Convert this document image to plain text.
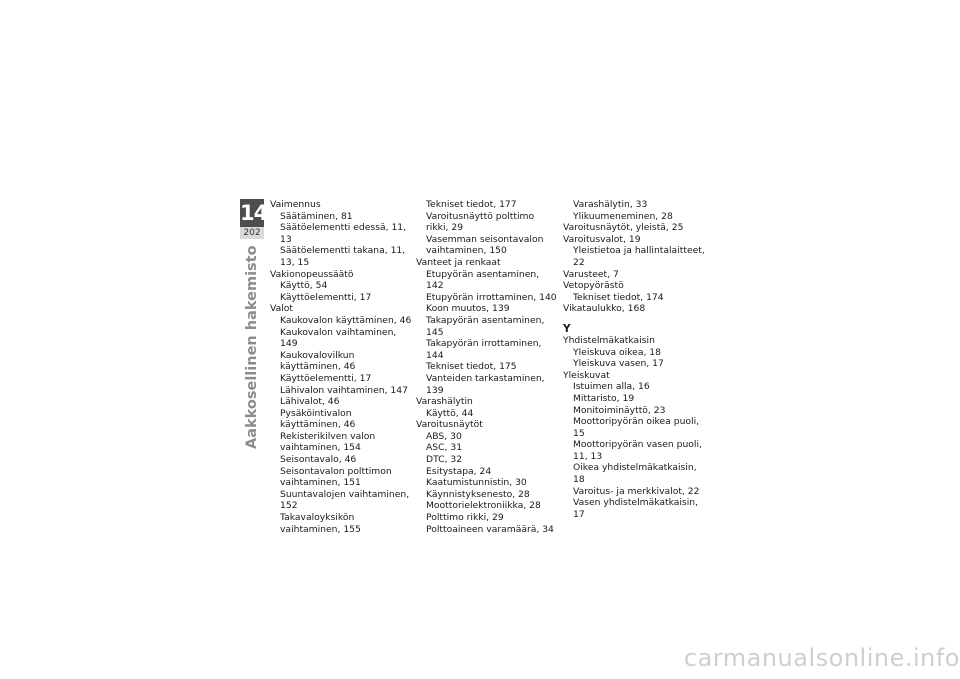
14
202
Aakkosellinen hakemisto
Vaimennus
Säätäminen, 81
Säätöelementti edessä, 11, 13
Säätöelementti takana, 11, 13, 15
Vakionopeussäätö
Käyttö, 54
Käyttöelementti, 17
Valot
Kaukovalon käyttäminen, 46
Kaukovalon vaihtaminen, 149
Kaukovalovilkun käyttäminen, 46
Käyttöelementti, 17
Lähivalon vaihtaminen, 147
Lähivalot, 46
Pysäköintivalon käyttäminen, 46
Rekisterikilven valon vaihtaminen, 154
Seisontavalo, 46
Seisontavalon polttimon vaihtaminen, 151
Suuntavalojen vaihtaminen, 152
Takavaloyksikön vaihtaminen, 155
Tekniset tiedot, 177
Varoitusnäyttö polttimo rikki, 29
Vasemman seisontavalon vaihtaminen, 150
Vanteet ja renkaat
Etupyörän asentaminen, 142
Etupyörän irrottaminen, 140
Koon muutos, 139
Takapyörän asentaminen, 145
Takapyörän irrottaminen, 144
Tekniset tiedot, 175
Vanteiden tarkastaminen, 139
Varashälytin
Käyttö, 44
Varoitusnäytöt
ABS, 30
ASC, 31
DTC, 32
Esitystapa, 24
Kaatumistunnistin, 30
Käynnistyksenesto, 28
Moottorielektroniikka, 28
Polttimo rikki, 29
Polttoaineen varamäärä, 34
Varashälytin, 33
Ylikuumeneminen, 28
Varoitusnäytöt, yleistä, 25
Varoitusvalot, 19
Yleistietoa ja hallintalaitteet, 22
Varusteet, 7
Vetopyörästö
Tekniset tiedot, 174
Vikataulukko, 168
Y
Yhdistelmäkatkaisin
Yleiskuva oikea, 18
Yleiskuva vasen, 17
Yleiskuvat
Istuimen alla, 16
Mittaristo, 19
Monitoiminäyttö, 23
Moottoripyörän oikea puoli, 15
Moottoripyörän vasen puoli, 11, 13
Oikea yhdistelmäkatkaisin, 18
Varoitus- ja merkkivalot, 22
Vasen yhdistelmäkatkaisin, 17
carmanualsonline.info
